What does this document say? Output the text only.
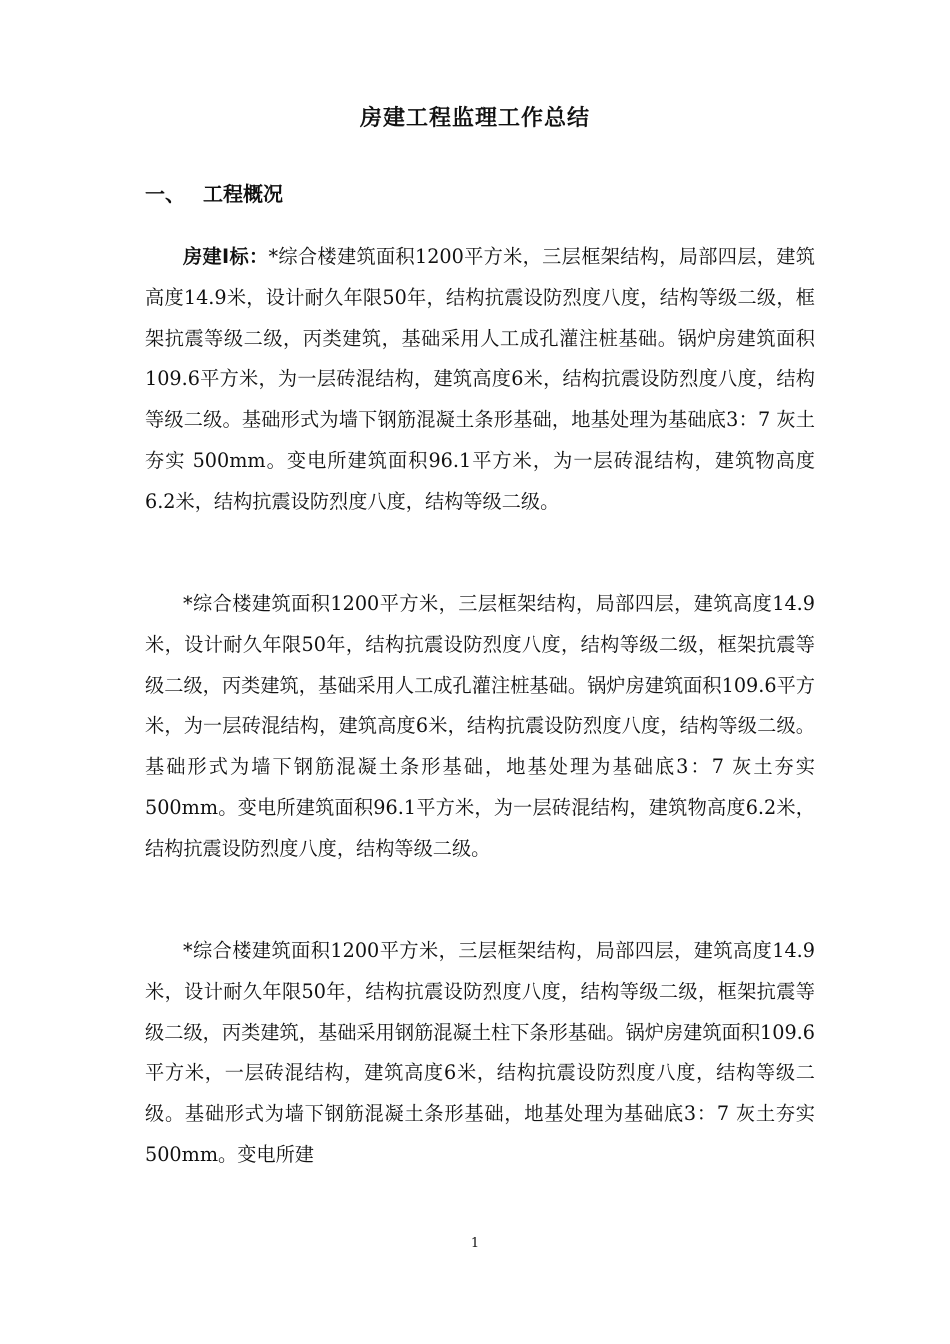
房建工程监理工作总结
一、 工程概况

房建Ⅰ标：*综合楼建筑面积1200平方米，三层框架结构，局部四层，建筑高度14.9米，设计耐久年限50年，结构抗震设防烈度八度，结构等级二级，框架抗震等级二级，丙类建筑，基础采用人工成孔灌注桩基础。锅炉房建筑面积109.6平方米，为一层砖混结构，建筑高度6米，结构抗震设防烈度八度，结构等级二级。基础形式为墙下钢筋混凝土条形基础，地基处理为基础底3：7 灰土夯实 500mm。变电所建筑面积96.1平方米，为一层砖混结构，建筑物高度6.2米，结构抗震设防烈度八度，结构等级二级。

*综合楼建筑面积1200平方米，三层框架结构，局部四层，建筑高度14.9米，设计耐久年限50年，结构抗震设防烈度八度，结构等级二级，框架抗震等级二级，丙类建筑，基础采用人工成孔灌注桩基础。锅炉房建筑面积109.6平方米，为一层砖混结构，建筑高度6米，结构抗震设防烈度八度，结构等级二级。基础形式为墙下钢筋混凝土条形基础，地基处理为基础底3：7 灰土夯实 500mm。变电所建筑面积96.1平方米，为一层砖混结构，建筑物高度6.2米，结构抗震设防烈度八度，结构等级二级。

*综合楼建筑面积1200平方米，三层框架结构，局部四层，建筑高度14.9米，设计耐久年限50年，结构抗震设防烈度八度，结构等级二级，框架抗震等级二级，丙类建筑，基础采用钢筋混凝土柱下条形基础。锅炉房建筑面积109.6平方米，一层砖混结构，建筑高度6米，结构抗震设防烈度八度，结构等级二级。基础形式为墙下钢筋混凝土条形基础，地基处理为基础底3：7 灰土夯实 500mm。变电所建

1
